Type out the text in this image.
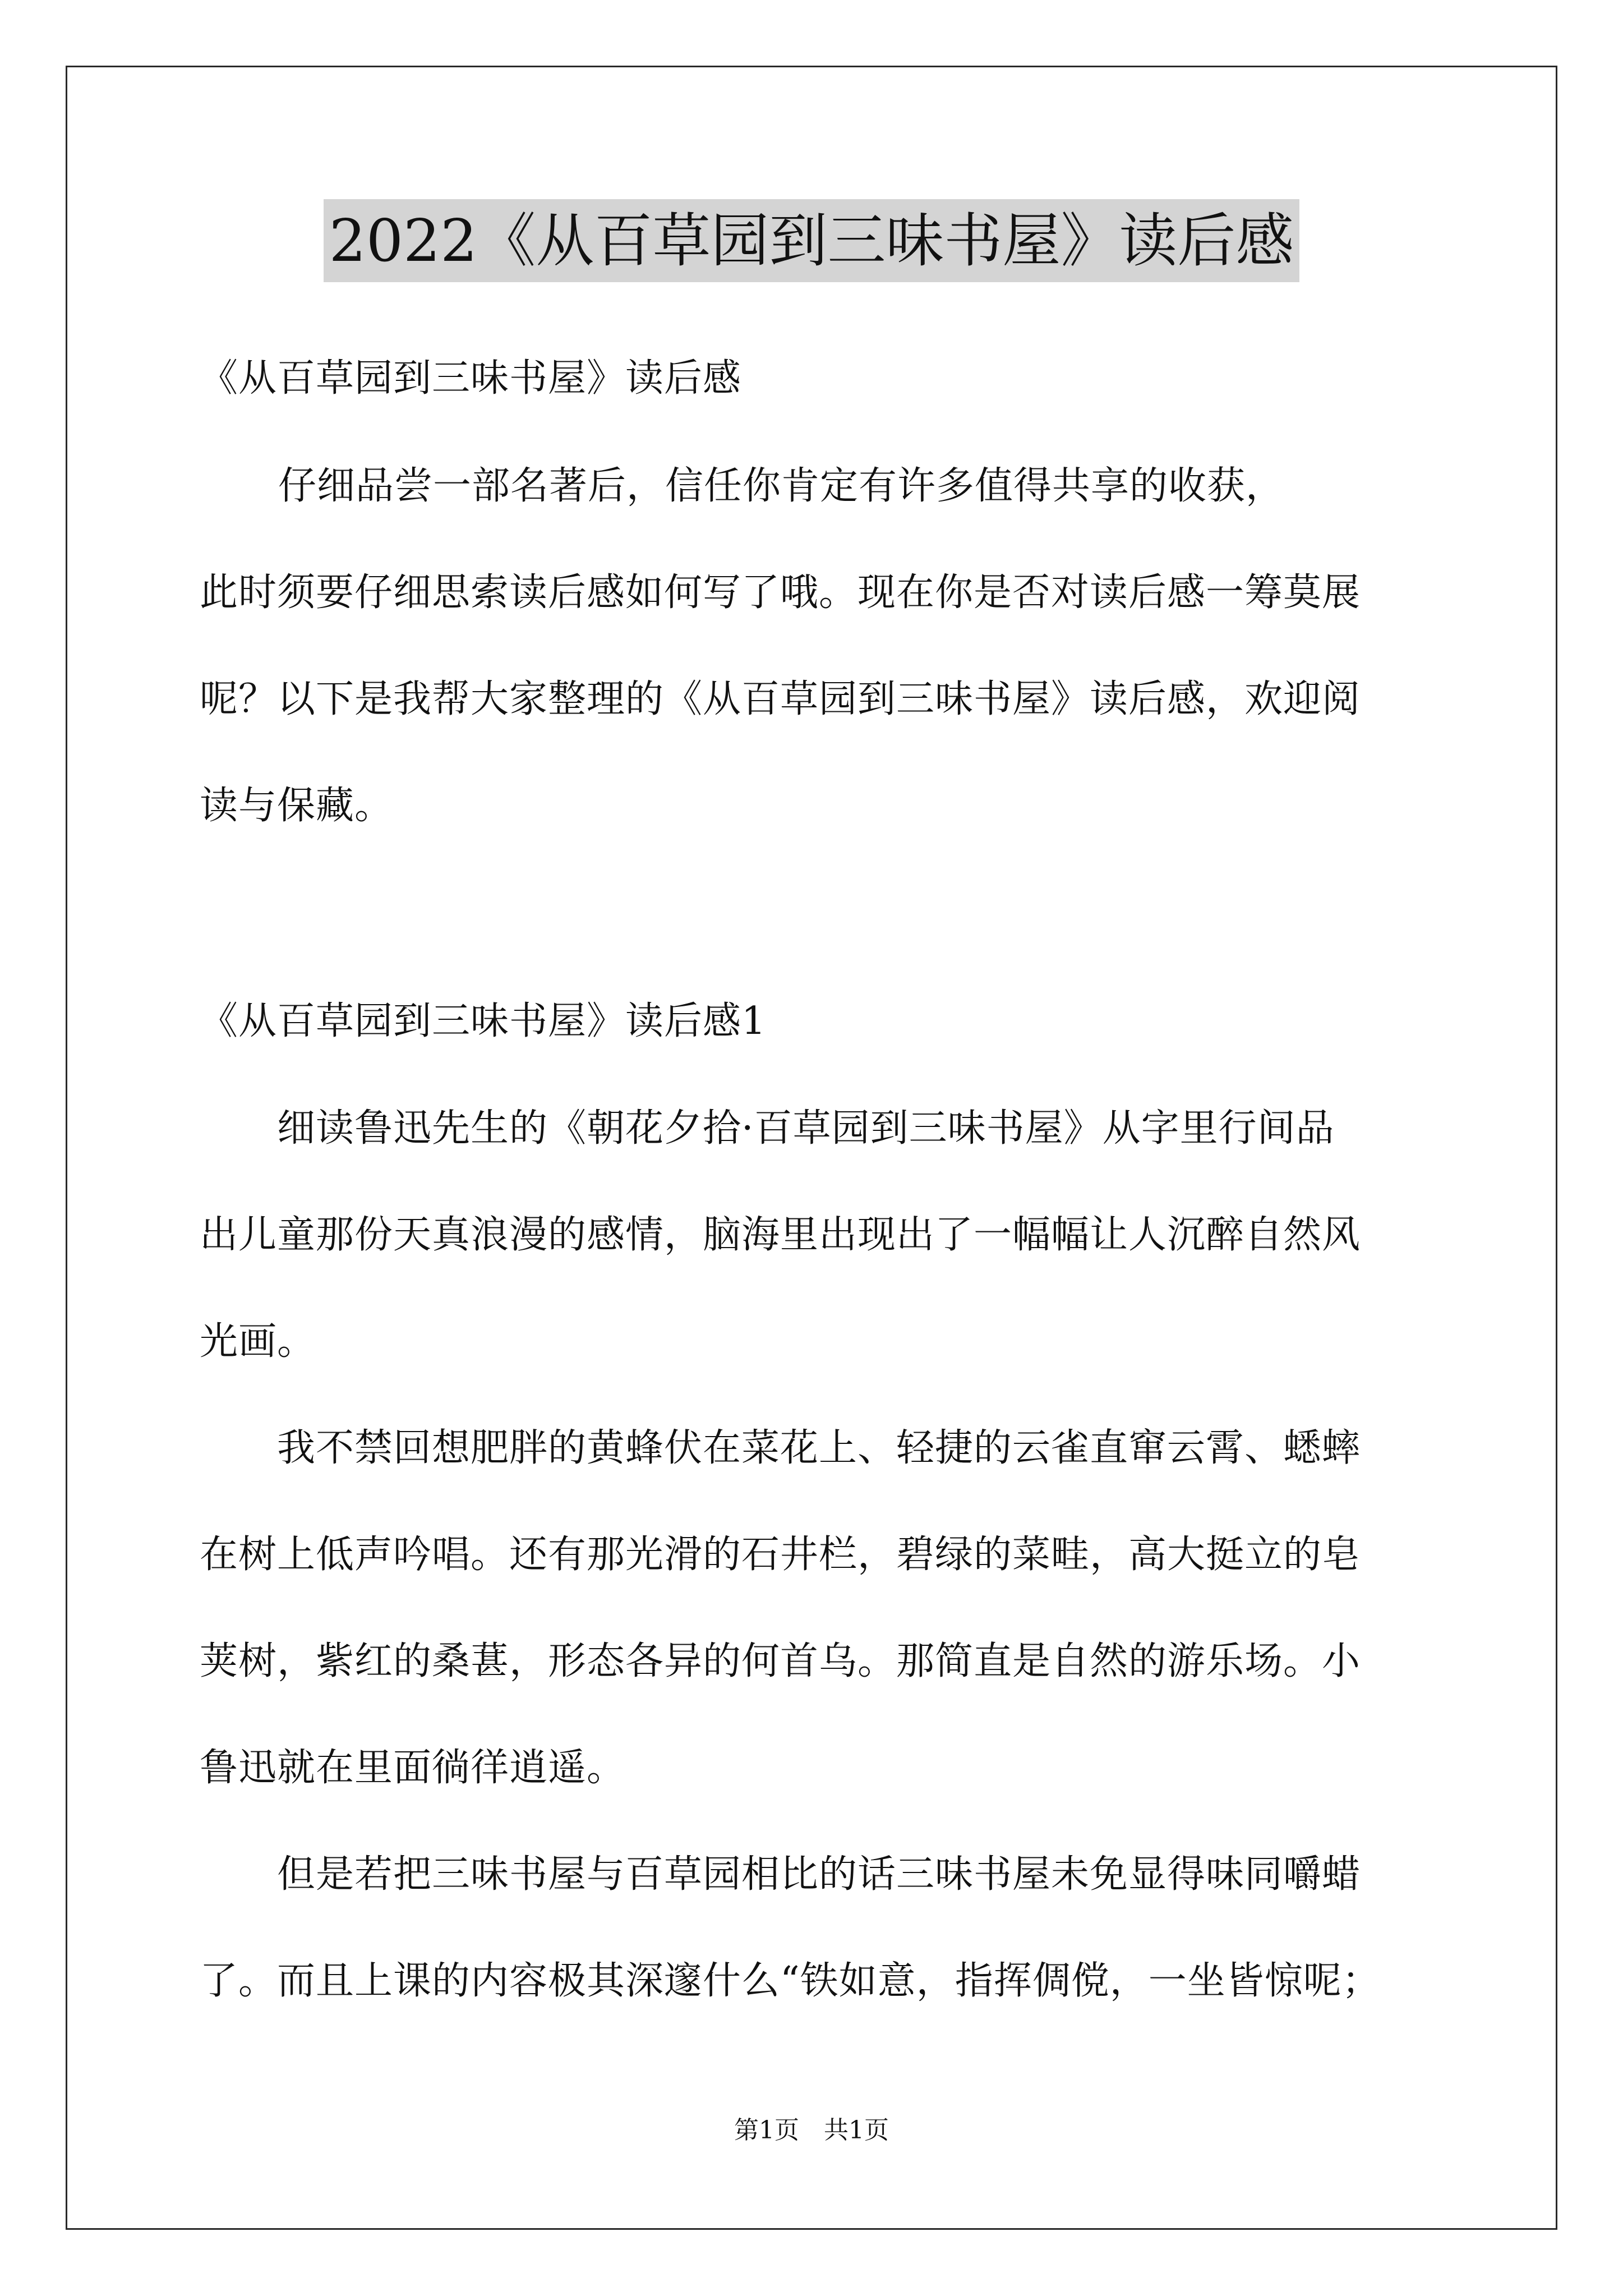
2022《从百草园到三味书屋》读后感
《从百草园到三味书屋》读后感
　　仔细品尝一部名著后，信任你肯定有许多值得共享的收获，
此时须要仔细思索读后感如何写了哦。现在你是否对读后感一筹莫展
呢？以下是我帮大家整理的《从百草园到三味书屋》读后感，欢迎阅
读与保藏。
《从百草园到三味书屋》读后感1
　　细读鲁迅先生的《朝花夕拾·百草园到三味书屋》从字里行间品
出儿童那份天真浪漫的感情，脑海里出现出了一幅幅让人沉醉自然风
光画。
　　我不禁回想肥胖的黄蜂伏在菜花上、轻捷的云雀直窜云霄、蟋蟀
在树上低声吟唱。还有那光滑的石井栏，碧绿的菜畦，高大挺立的皂
荚树，紫红的桑葚，形态各异的何首乌。那简直是自然的游乐场。小
鲁迅就在里面徜徉逍遥。
　　但是若把三味书屋与百草园相比的话三味书屋未免显得味同嚼蜡
了。而且上课的内容极其深邃什么“铁如意，指挥倜傥，一坐皆惊呢；
第1页　共1页
